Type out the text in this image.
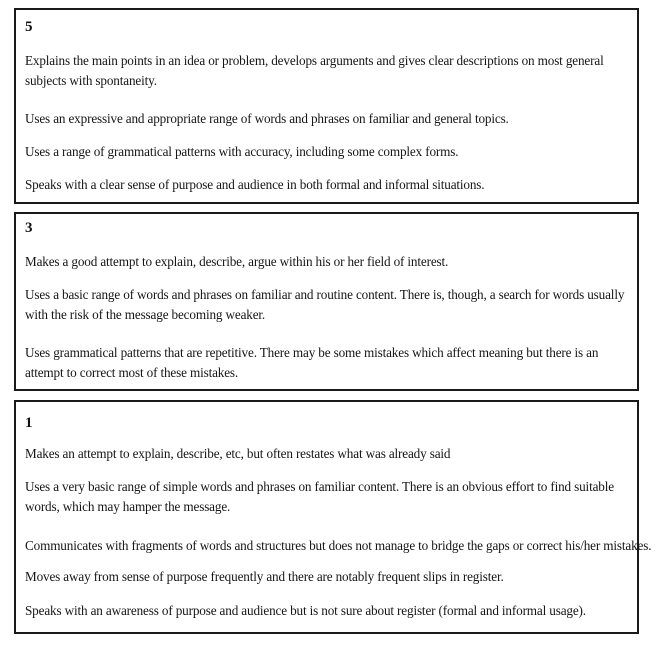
5
Explains the main points in an idea or problem, develops arguments and gives clear descriptions on most general subjects with spontaneity.
Uses an expressive and appropriate range of words and phrases on familiar and general topics.
Uses a range of grammatical patterns with accuracy, including some complex forms.
Speaks with a clear sense of purpose and audience in both formal and informal situations.
3
Makes a good attempt to explain, describe, argue within his or her field of interest.
Uses a basic range of words and phrases on familiar and routine content. There is, though, a search for words usually with the risk of the message becoming weaker.
Uses grammatical patterns that are repetitive. There may be some mistakes which affect meaning but there is an attempt to correct most of these mistakes.
1
Makes an attempt to explain, describe, etc, but often restates what was already said
Uses a very basic range of simple words and phrases on familiar content. There is an obvious effort to find suitable words, which may hamper the message.
Communicates with fragments of words and structures but does not manage to bridge the gaps or correct his/her mistakes.
Moves away from sense of purpose frequently and there are notably frequent slips in register.
Speaks with an awareness of purpose and audience but is not sure about register (formal and informal usage).
